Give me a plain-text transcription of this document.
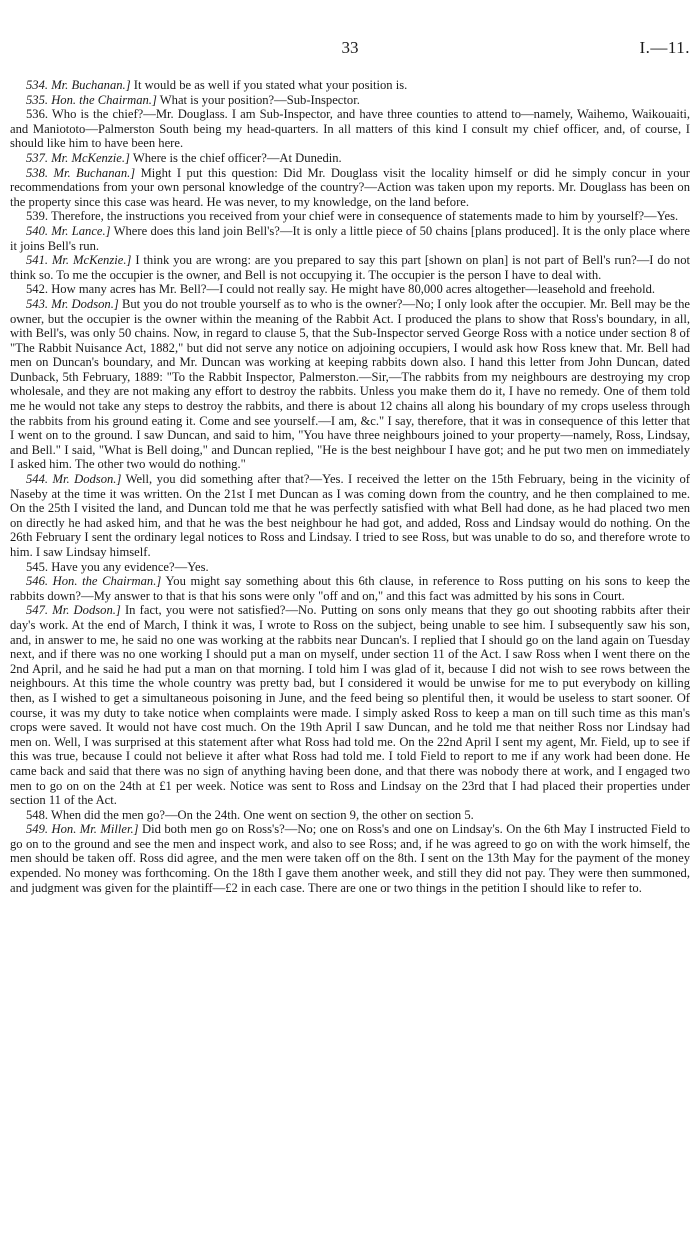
33	I.—11.

534. Mr. Buchanan.] It would be as well if you stated what your position is.

535. Hon. the Chairman.] What is your position?—Sub-Inspector.

536. Who is the chief?—Mr. Douglass. I am Sub-Inspector, and have three counties to attend to—namely, Waihemo, Waikouaiti, and Maniototo—Palmerston South being my head-quarters. In all matters of this kind I consult my chief officer, and, of course, I should like him to have been here.

537. Mr. McKenzie.] Where is the chief officer?—At Dunedin.

538. Mr. Buchanan.] Might I put this question: Did Mr. Douglass visit the locality himself or did he simply concur in your recommendations from your own personal knowledge of the country?—Action was taken upon my reports. Mr. Douglass has been on the property since this case was heard. He was never, to my knowledge, on the land before.

539. Therefore, the instructions you received from your chief were in consequence of statements made to him by yourself?—Yes.

540. Mr. Lance.] Where does this land join Bell's?—It is only a little piece of 50 chains [plans produced]. It is the only place where it joins Bell's run.

541. Mr. McKenzie.] I think you are wrong: are you prepared to say this part [shown on plan] is not part of Bell's run?—I do not think so. To me the occupier is the owner, and Bell is not occupying it. The occupier is the person I have to deal with.

542. How many acres has Mr. Bell?—I could not really say. He might have 80,000 acres altogether—leasehold and freehold.

543. Mr. Dodson.] But you do not trouble yourself as to who is the owner?—No; I only look after the occupier. Mr. Bell may be the owner, but the occupier is the owner within the meaning of the Rabbit Act. I produced the plans to show that Ross's boundary, in all, with Bell's, was only 50 chains. Now, in regard to clause 5, that the Sub-Inspector served George Ross with a notice under section 8 of "The Rabbit Nuisance Act, 1882," but did not serve any notice on adjoining occupiers, I would ask how Ross knew that. Mr. Bell had men on Duncan's boundary, and Mr. Duncan was working at keeping rabbits down also. I hand this letter from John Duncan, dated Dunback, 5th February, 1889: "To the Rabbit Inspector, Palmerston.—Sir,—The rabbits from my neighbours are destroying my crop wholesale, and they are not making any effort to destroy the rabbits. Unless you make them do it, I have no remedy. One of them told me he would not take any steps to destroy the rabbits, and there is about 12 chains all along his boundary of my crops useless through the rabbits from his ground eating it. Come and see yourself.—I am, &c." I say, therefore, that it was in consequence of this letter that I went on to the ground. I saw Duncan, and said to him, "You have three neighbours joined to your property—namely, Ross, Lindsay, and Bell." I said, "What is Bell doing," and Duncan replied, "He is the best neighbour I have got; and he put two men on immediately I asked him. The other two would do nothing."

544. Mr. Dodson.] Well, you did something after that?—Yes. I received the letter on the 15th February, being in the vicinity of Naseby at the time it was written. On the 21st I met Duncan as I was coming down from the country, and he then complained to me. On the 25th I visited the land, and Duncan told me that he was perfectly satisfied with what Bell had done, as he had placed two men on directly he had asked him, and that he was the best neighbour he had got, and added, Ross and Lindsay would do nothing. On the 26th February I sent the ordinary legal notices to Ross and Lindsay. I tried to see Ross, but was unable to do so, and therefore wrote to him. I saw Lindsay himself.

545. Have you any evidence?—Yes.

546. Hon. the Chairman.] You might say something about this 6th clause, in reference to Ross putting on his sons to keep the rabbits down?—My answer to that is that his sons were only "off and on," and this fact was admitted by his sons in Court.

547. Mr. Dodson.] In fact, you were not satisfied?—No. Putting on sons only means that they go out shooting rabbits after their day's work. At the end of March, I think it was, I wrote to Ross on the subject, being unable to see him. I subsequently saw his son, and, in answer to me, he said no one was working at the rabbits near Duncan's. I replied that I should go on the land again on Tuesday next, and if there was no one working I should put a man on myself, under section 11 of the Act. I saw Ross when I went there on the 2nd April, and he said he had put a man on that morning. I told him I was glad of it, because I did not wish to see rows between the neighbours. At this time the whole country was pretty bad, but I considered it would be unwise for me to put everybody on killing then, as I wished to get a simultaneous poisoning in June, and the feed being so plentiful then, it would be useless to start sooner. Of course, it was my duty to take notice when complaints were made. I simply asked Ross to keep a man on till such time as this man's crops were saved. It would not have cost much. On the 19th April I saw Duncan, and he told me that neither Ross nor Lindsay had men on. Well, I was surprised at this statement after what Ross had told me. On the 22nd April I sent my agent, Mr. Field, up to see if this was true, because I could not believe it after what Ross had told me. I told Field to report to me if any work had been done. He came back and said that there was no sign of anything having been done, and that there was nobody there at work, and I engaged two men to go on on the 24th at £1 per week. Notice was sent to Ross and Lindsay on the 23rd that I had placed their properties under section 11 of the Act.

548. When did the men go?—On the 24th. One went on section 9, the other on section 5.

549. Hon. Mr. Miller.] Did both men go on Ross's?—No; one on Ross's and one on Lindsay's. On the 6th May I instructed Field to go on to the ground and see the men and inspect work, and also to see Ross; and, if he was agreed to go on with the work himself, the men should be taken off. Ross did agree, and the men were taken off on the 8th. I sent on the 13th May for the payment of the money expended. No money was forthcoming. On the 18th I gave them another week, and still they did not pay. They were then summoned, and judgment was given for the plaintiff—£2 in each case. There are one or two things in the petition I should like to refer to.
